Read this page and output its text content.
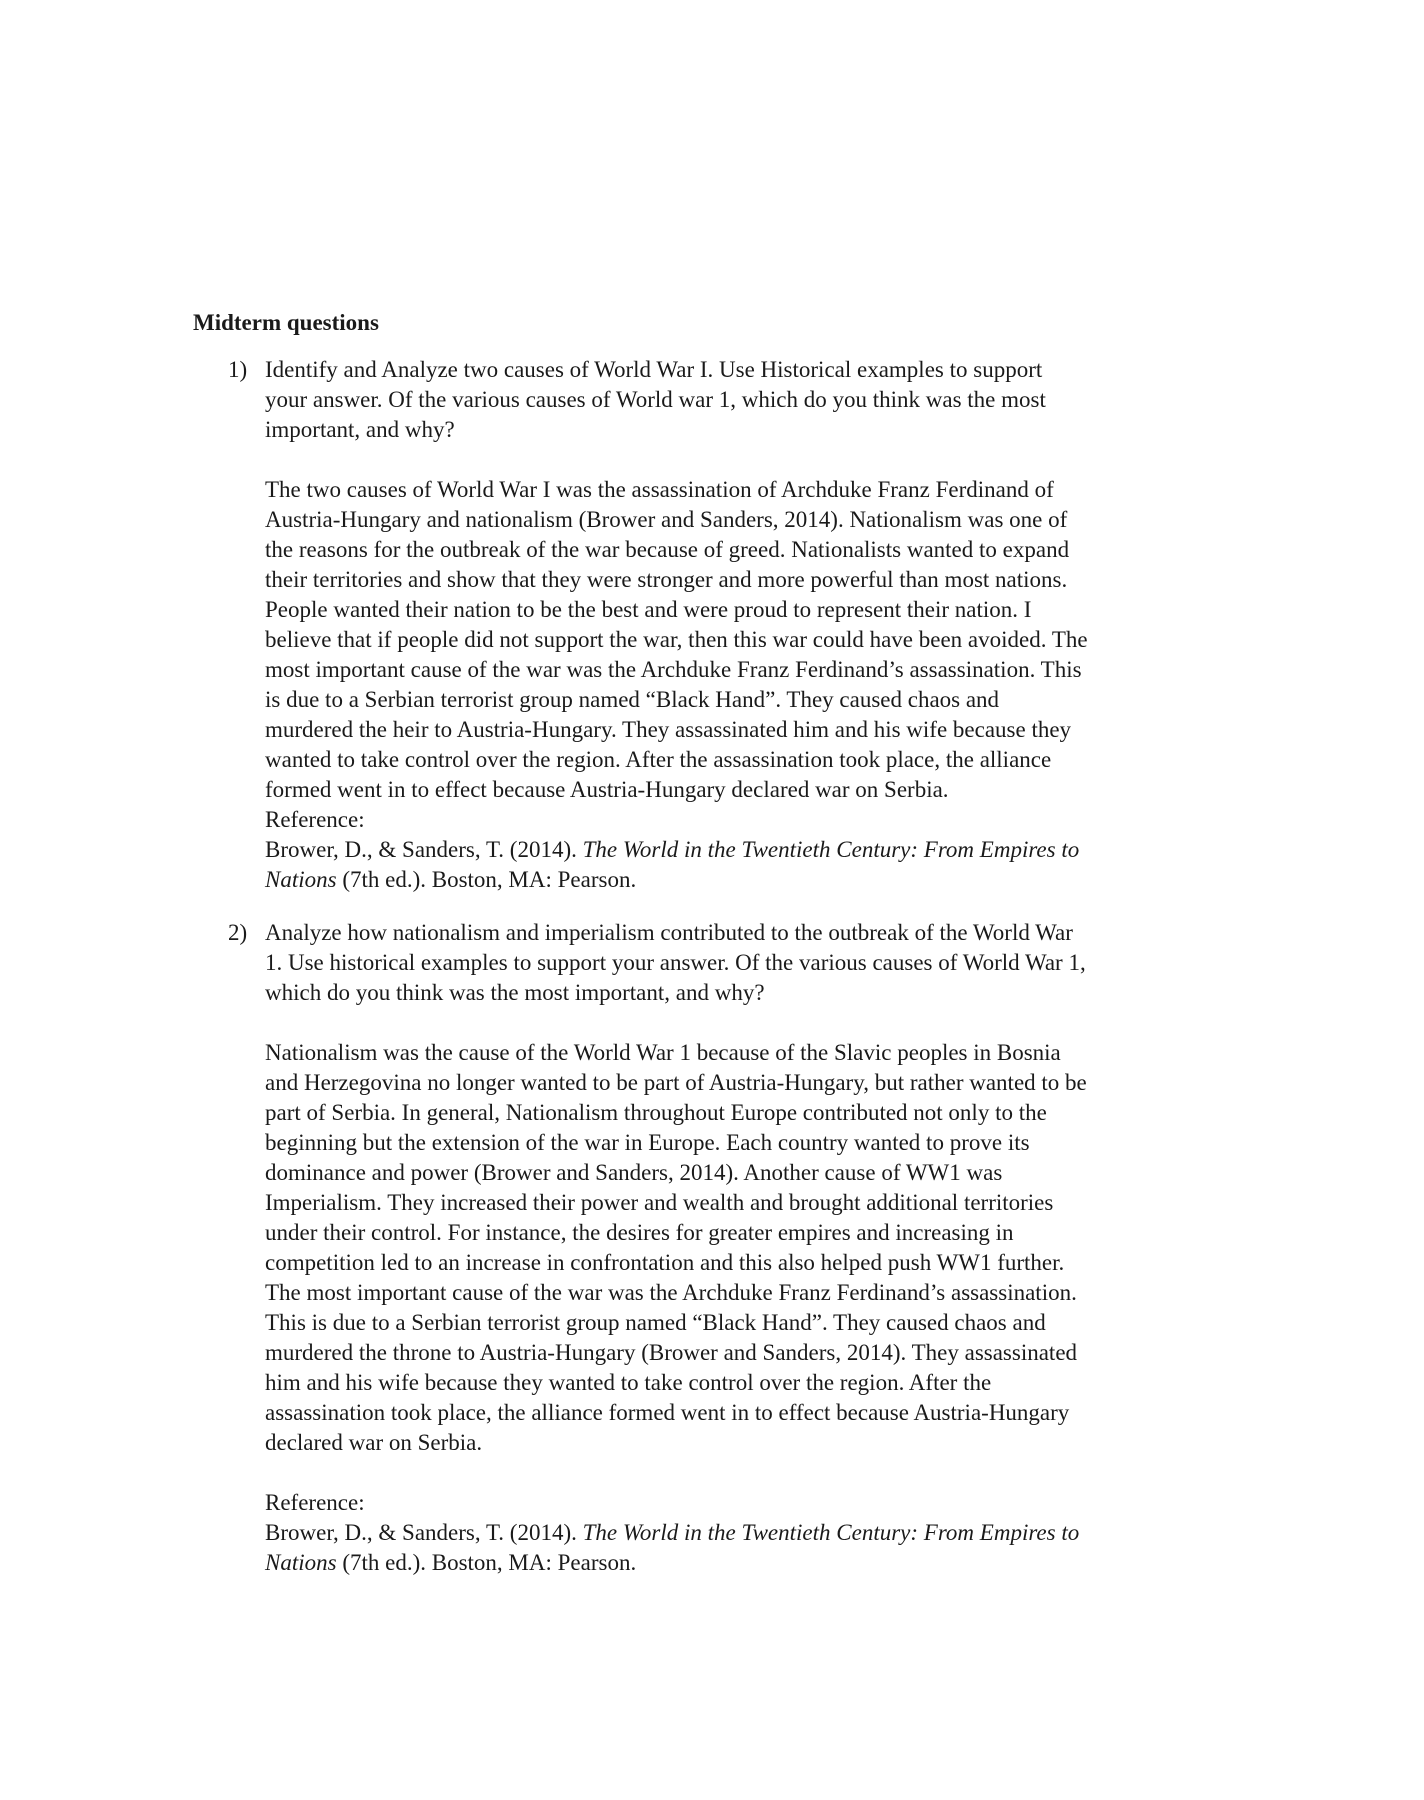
Midterm questions
1) Identify and Analyze two causes of World War I. Use Historical examples to support
your answer. Of the various causes of World war 1, which do you think was the most
important, and why?
The two causes of World War I was the assassination of Archduke Franz Ferdinand of
Austria-Hungary and nationalism (Brower and Sanders, 2014). Nationalism was one of
the reasons for the outbreak of the war because of greed. Nationalists wanted to expand
their territories and show that they were stronger and more powerful than most nations.
People wanted their nation to be the best and were proud to represent their nation. I
believe that if people did not support the war, then this war could have been avoided. The
most important cause of the war was the Archduke Franz Ferdinand’s assassination. This
is due to a Serbian terrorist group named “Black Hand”. They caused chaos and
murdered the heir to Austria-Hungary. They assassinated him and his wife because they
wanted to take control over the region. After the assassination took place, the alliance
formed went in to effect because Austria-Hungary declared war on Serbia.
Reference:
Brower, D., & Sanders, T. (2014). The World in the Twentieth Century: From Empires to
Nations (7th ed.). Boston, MA: Pearson.
2) Analyze how nationalism and imperialism contributed to the outbreak of the World War
1. Use historical examples to support your answer. Of the various causes of World War 1,
which do you think was the most important, and why?
Nationalism was the cause of the World War 1 because of the Slavic peoples in Bosnia
and Herzegovina no longer wanted to be part of Austria-Hungary, but rather wanted to be
part of Serbia. In general, Nationalism throughout Europe contributed not only to the
beginning but the extension of the war in Europe. Each country wanted to prove its
dominance and power (Brower and Sanders, 2014). Another cause of WW1 was
Imperialism. They increased their power and wealth and brought additional territories
under their control. For instance, the desires for greater empires and increasing in
competition led to an increase in confrontation and this also helped push WW1 further.
The most important cause of the war was the Archduke Franz Ferdinand’s assassination.
This is due to a Serbian terrorist group named “Black Hand”. They caused chaos and
murdered the throne to Austria-Hungary (Brower and Sanders, 2014). They assassinated
him and his wife because they wanted to take control over the region. After the
assassination took place, the alliance formed went in to effect because Austria-Hungary
declared war on Serbia.
Reference:
Brower, D., & Sanders, T. (2014). The World in the Twentieth Century: From Empires to
Nations (7th ed.). Boston, MA: Pearson.
